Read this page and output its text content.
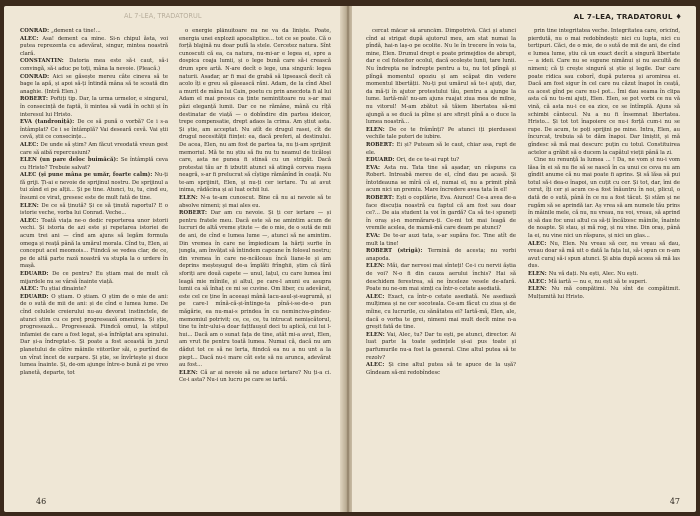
AL 7-LEA, TRADATORUL

CONRAD: „dement ca tine!...

ALEC: Asa! dement ca mine. Si-n chipul ăsta, voi putea reprezenta cu adevărat, singur, mintea noastră clară.

CONSTANTIN: Datoria mea este să-i caut, să-i convingă, să-i aduc pe toți, mâna la nevoie. (Pleacă.)

CONRAD: Aici se găsește mereu câte cineva să te bage la apă, și apoi să-ți întindă mâna să te scoată din anaghie. (Intră Elen.)

ROBERT: Poftiți tip. Dar, la urma urmelor, e singurul, în consecință de faptă, îi mintea să vadă în ochii și în interesul lui Hristo.

EVA (tandroniță): De ce să pună o vorbă? Ce i s-a întâmplat? Ce i se întâmplă? Vai deseară cevă. Vai știi cevă, știi ce consecințe...

ALEC: De unde să știm? Am făcut vreodată vreun gest care să aibă repercusiuni?

ELEN (un pare deloc buimăcă): Se întâmplă ceva cu Hristo? Trebuie salvat?

ALEC (și pune mâna pe umăr, foarte calm): Nu-ți fă griji. Ți-ai e nevoie de sprijinul nostru. De sprijinul a tui zând ei pe alții... Și pe tine. Atunci, tu, tu, cind eu, însumi ce virat, gresesc este de mult fată de tine.

ELEN: De ce să ținută? Și ce să ținută raportul? E o istorie veche, vorba lui Conrad. Veche...

ALEC: Toată viața ne-o dedic reporterea unor istorii vechi. Și istoria de azi este și repetarea istoriei de acum trei ani — cînd am ajuns să legăm formula omega și reață până la umărul morala. Cînd tu, Elen, ai conceput acel meomois... Fiindcă se vedea clar, de ce, pe de altă parte rază noastră va stupla la o urdere în mașă.

EDUARD: De ce pentru? Eu știam mai de mult că mijardele nu se vârsă înainte viață.

ALEC: Tu știai dinainte?

EDUARD: O știam. O știam. O știm de o mie de ani: de o sută de mii de ani: și de cînd e lumea lume. De cînd celulele creierului nu-au devorat instinctele, de atunci știm cu ce preț progresează omenirea. Și știe, progresează... Progresează. Fiindcă omul, la stilpul infamiei de care a fost legat, și-a înfrăptat ara spinului. Dar și-a îndreptat-o. Și poate a fost această în jurul planetului de către mâinile viitorilor săi, o purtînd de un vîrat încet de surpare. Și știe, se învîrtește și duce lumea înainte. Și, de-om ajunge între-o bună zi pe vreo planetă, departe, tot

o energie plănuitoare nu ne va da liniște. Poate, energia unei explozii apocaliptice... tot ce se poate. Că o forță blajină nu doar pufă la stele. Cercetez natura. Sînt cunoscuti că ea, ca natura, nu-mi-ar e legea ei, spre a dospica coaja lumii, și o lege bună care să-i crească drum spre artă. N-are decît o lege, una singură: legea naturii. Asadar, ar fi mai de grabă să lipsească decît că acolo îți e greu să găsească răni. Adam, de la cînd Abel a murit de mâna lui Cain, poetu cu prin anecdota fi al lui Adam el mai presus ca ținte nemintitoare nu s-ar mai păzi eleganță lumii. Dar ce ne rămâne, mână cu rîță destinatar de viață — o dobîndire din partea ideicor, trepe compensatie, drept adaos la crima. Am știut asta. Și știe, am acceptat. Nu atît de drugul rasei, cît de drugul necesității ființei: ea, dacă preferi, al destinului. De acea, Elen, nu am fost de partea ta, nu ți-am sprijinit memoriul. Mă te nu știu să fiu nu tu neamul de ticăloși care, asta ne punea fi stinsă cu un strigăt. Dacă protestai tău ar fi izbutit atunci să atingă corvea rașea neagră, s-ar fi prelucrat să cîștige rămânînd în ceață. Nu te-am sprijinit, Elen, și nu-ți cer iertare. Tu ai avut inima, rădăcina și ai luat ochii lui.

ELEN: N-a te-am cunoscut. Bine că nu ai nevoie să te absolve nimeni; și mai ales eu.

ROBERT: Dar am cu nevoie. Și ți cer iertare — și pentru fratele meu. Dacă este să ne amintim acum de lucruri de altă vreme știute — de o mie, de o sută de mii de ani, de cînd e lumea lume —, atunci să ne amintim. Din vremea în care ne împiedicam la hărți surfie în jungla, am învățat să întindem capcane în folosul nostru; din vremea în care ne-ncălceau încă liane-le și am deprins meșteșugul de-a împlăti frînghii, știm că fără sforiți are două capete — unul, lațul, cu care lumea îmi leagă mie mîinile, și altul, pe care-l anuni eu asupra lumii ca să înhaț ce mi se cuvine. Om liber, cu adevărat, este cel ce ține în aceeași mână lacu-asul-și-sugrumă, și pe care-l mînă-că-și-întinge-ta pînă-i-se-de-o pun măgărie, ea nu-mai-s prindea în cu neminciva-pindeu-memomiul potrivit; ce, ce, ce, tu intrucat nemișcătorul, tine tu într-ului-a doar fațtfaușul deci tu aplică, cui lui l-hui... Dacă am o sunat fața de tine, atât mi-a avut, Elen, am vrut fie pentru toată lumea. Numai că, dacă nu am dădut tot ce să ne lerta, fiindcă ea nu a nu unt a la piept... Dacă nu-i mare cât este să nu arunca, adevărat au fost...

ELEN: Că ar ai nevoie să ne aduce iertare? Nu ți-a ci. Ce-i asta? Nu-i un lucru pe care se iartă.

46
AL 7-LEA, TRADATORUL ♦

cercat măcar să aruncăm. Dimpotrivă. Căci și atunci cînd ai strigat după ajutorul meu, am stat numai la pîndă, hai-n laș-o pe ocolite. Nu le în trecere în voia ta, mine, Elen. Drumul drept e poate primejdios de abrupt, dar e cel folositor ocolul, dacă ocolește lunii, tare lunii. Nu îndrepta ne îndrepte pentru a tu, nu tot plîngă și plîngă momentul opoziu și am scăpat din vedere momentul libertății. Nu-ți pui umărul să te-i ajuți, dar, da mă-ți în ajutor protestului tău, pentru a ajunge la lume. Iartă-mă! nu-am ajuns ruajat ziua mea de milne, nu vitorul! M-am zbătut să tăiem libertatea să-mi ajungă a se ducă ia pîine și are sfirșit pînă a o duce la lumea noastră...

ELEN: De ce te frămînți? Pe atunci iți pierdusesi vechile tale puteri de iubire.

ROBERT: Ei și? Puteam să le caut, chiar asa, rupt de ele.

EDUARD: Ori, de ce te-ai rupt tu?

EVA: Asta nu. Tata tine să așadar, un răspuns ca Robert. Intreabă mereu de el, cînd dau pe acasă. Și întotdeauna se mîrâ că el, numai el, nu a primit pînă acum nici un premiu. Mare încredere avea tata în el!

ROBERT: Ești o copilărie, Eva. Aiurezi! Ce-a avea de-a face discuția noastră cu faptul că am fost sau doar ce?... De aia student la voi în gardă? Ca să te-i spuneți în oraș și-n mormăraru-ți. Ce-mi tot mai leagă de vremile acelea, de mamă-mă care deam pe atunci?

EVA: De te-ar auzi tata, s-ar supăra foc. Tine atît de mult la tine!

ROBERT (strigă): Termină de acesta; nu vorbi anapoda.

ELEN: Măi, dar nervosi mai sînteți! Ce-i cu nervii ăștia de voi? N-o fi din cauza aerului închis? Hai să deschidem ferestrea, să ne înceleze vesele de-afară. Poate nu ne-om mai simți ca într-o cetate asediată.

ALEC: Exact, ca într-o cetate asediată. Ne asediază mulțimea și ne cer socoteala. Ce-am făcut cu ziua și de mîine, cu lucrurile, cu sănătatea ei? Iartă-mă, Elen, ale, dacă o vorba te grei, nimeni mai mult decît mine n-a greșit fată de tine.

ELEN: Vai, Alec, tu? Dar tu ești, pe atunci, director. Ai luat parte la toate ședințele și-ai pus toate și parfumurile nu-a fost la general. Cine altul putea să te rezolv?

ALEC: Și cine altul putea să te apuce de la ușă? Gîndeam să-mi redobîndesc

prin tine integritatea veche. Integritatea care, oricînd, pierdută, nu o mai redobîndești: nici cu lupta, nici cu tertipuri. Căci, de o mie, de o sută de mii de ani, de cînd e lumea lume, știu că un exact decît a singură libertate — a ideii. Care nu se supune nimănui și nu ascultă de nimeni; că ți crește singură și știe și legile. Dar care poate ridica sau coborî, după puterea și aromirea ei. Dacă am fost sigur în cel care nu căzut înapoi în ceață, ca acest gînd pe care nu-l pot... Îmi dau seama în clipa asta că nu tu-mi ajuți, Elen. Elen, se pot vorbi ce nu vă vină, că asta nu-i ce ea zice, ce se întîmplă. Ajuns să schimbi cântecul. Nu a nu fi însemnat libertatea. Hristo... Și tot tot înapoiere ce nu-i forță cum-i nu se rupe. De acum, te poți sprijini pe mine. Intra, Elen, au încurcat, trebuia să te dăm înapoi. Dar liniștit, și mă gîndesc să mă mai descurc puțin cu totul. Constituirea actelor a grăbit să o ducem la capătul vieții până la zi.

Cine nu renunță la lumea ... ! Da, ne vom și nu-i vom lăsa în ei să nu fie să se nască în ca unui ce ceva nu am gîndit anume că nu mai poate fi aprins. Și să lăsa să pui totul să-i dea-o înapoi, un cuțit cu cer. Și tot, dar, îmi de cerut, îți cer și acum ce-a fost înăuntru în noi, plicul, o dată de o sută, până în ce nu a fost tăcut. Și stăm și ne rugăm să se aprindă iar. Aș vrea să am numele tău prins în mâinile mele, că nu, nu vreau, nu voi, vreau, să aprind și să dau foc unui altul ca să-ți încălzesc mâinile, înainte de noapte. Și stau, și mă rog, și nu vine. Din oraș, până la ei, nu vine nici un răspuns, și nici un glas...

ALEC: Nu, Elen. Nu vreau să cer, nu vreau să dau, vreau doar să mă uit o dată la fața lui, să-i spun ce n-am avut curaj să-i spun atunci. Și abia după aceea să mă las dus.

ELEN: Nu vă dați. Nu ești, Alec. Nu ești.

ALEC: Mă iartă — nu e, nu ești să te superi.

ELEN: Nu mă compătimi. Nu sînt de compătimit. Mulțumită lui Hristo.

47
